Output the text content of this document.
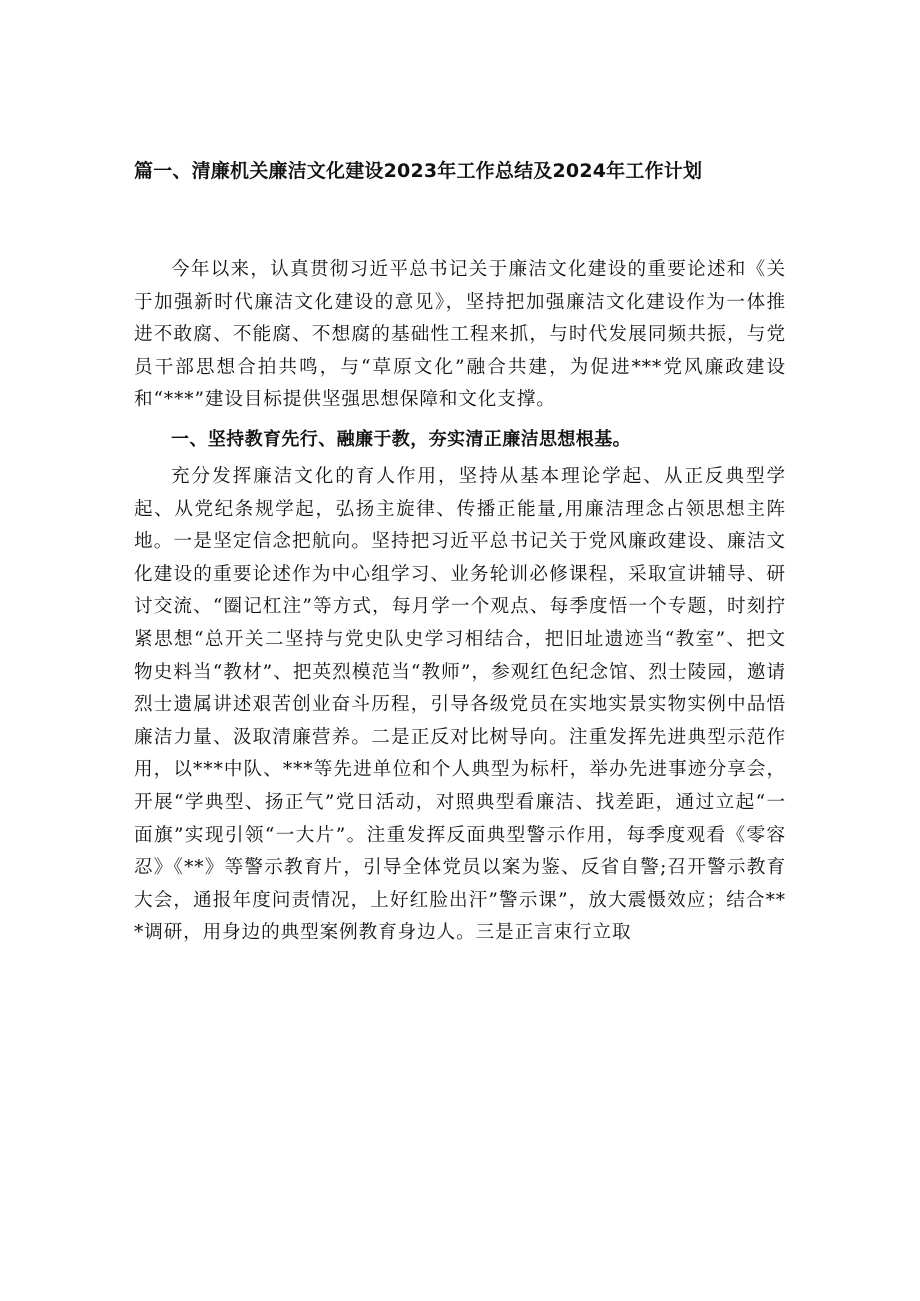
篇一、清廉机关廉洁文化建设2023年工作总结及2024年工作计划

今年以来，认真贯彻习近平总书记关于廉洁文化建设的重要论述和《关于加强新时代廉洁文化建设的意见》，坚持把加强廉洁文化建设作为一体推进不敢腐、不能腐、不想腐的基础性工程来抓，与时代发展同频共振，与党员干部思想合拍共鸣，与“草原文化”融合共建，为促进***党风廉政建设和“***”建设目标提供坚强思想保障和文化支撑。

一、坚持教育先行、融廉于教，夯实清正廉洁思想根基。

充分发挥廉洁文化的育人作用，坚持从基本理论学起、从正反典型学起、从党纪条规学起，弘扬主旋律、传播正能量,用廉洁理念占领思想主阵地。一是坚定信念把航向。坚持把习近平总书记关于党风廉政建设、廉洁文化建设的重要论述作为中心组学习、业务轮训必修课程，采取宣讲辅导、研讨交流、“圈记杠注”等方式，每月学一个观点、每季度悟一个专题，时刻拧紧思想“总开关二坚持与党史队史学习相结合，把旧址遗迹当“教室”、把文物史料当“教材”、把英烈模范当“教师”，参观红色纪念馆、烈士陵园，邀请烈士遗属讲述艰苦创业奋斗历程，引导各级党员在实地实景实物实例中品悟廉洁力量、汲取清廉营养。二是正反对比树导向。注重发挥先进典型示范作用，以***中队、***等先进单位和个人典型为标杆，举办先进事迹分享会，开展“学典型、扬正气”党日活动，对照典型看廉洁、找差距，通过立起“一面旗”实现引领“一大片”。注重发挥反面典型警示作用，每季度观看《零容忍》《**》等警示教育片，引导全体党员以案为鉴、反省自警;召开警示教育大会，通报年度问责情况，上好红脸出汗”警示课”，放大震慑效应；结合***调研，用身边的典型案例教育身边人。三是正言束行立取
